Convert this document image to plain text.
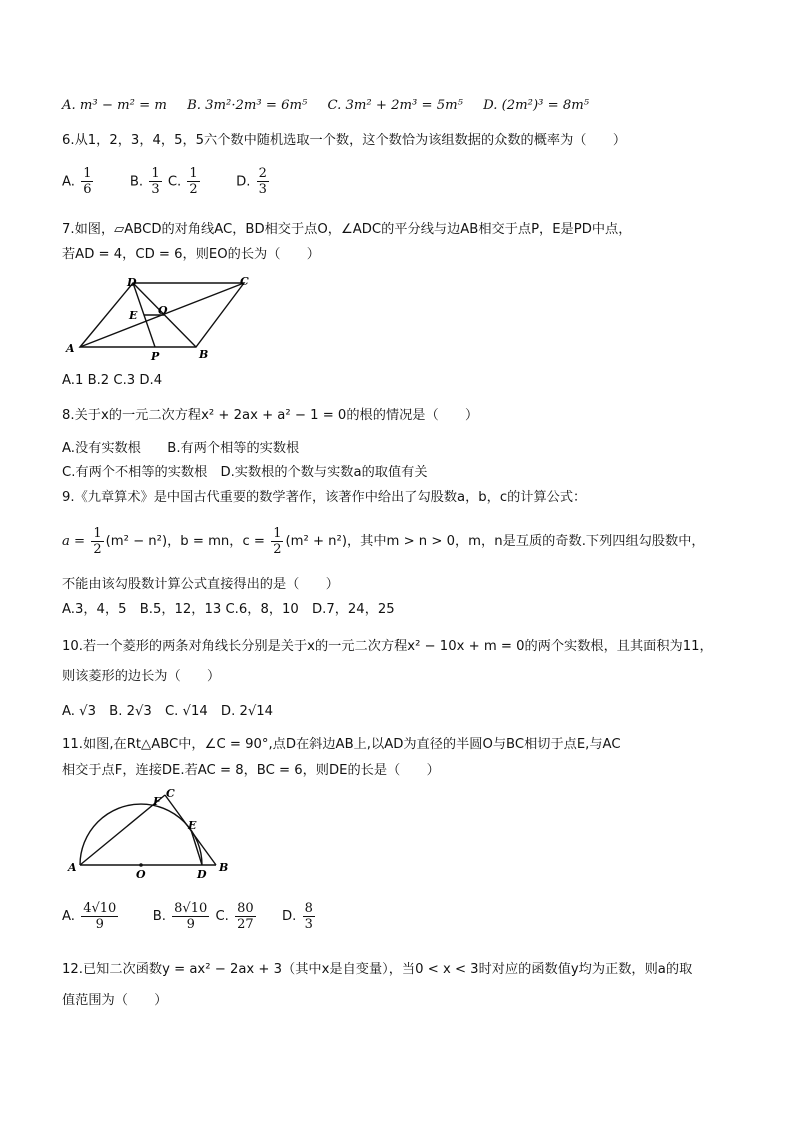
A. m³ − m² = m B. 3m²·2m³ = 6m⁵ C. 3m² + 2m³ = 5m⁵ D. (2m²)³ = 8m⁵
6.从1，2，3，4，5，5六个数中随机选取一个数，这个数恰为该组数据的众数的概率为（　　）
A. $\frac{1}{6}$	B. $\frac{1}{3} C$. $\frac{1}{2}$	D. $\frac{2}{3}$
7.如图，▱ABCD的对角线AC，BD相交于点O，∠ADC的平分线与边AB相交于点P，E是PD中点，
若AD = 4，CD = 6，则EO的长为（　　）
A	B
C
D
E O
P
A.1 B.2 C.3 D.4
8.关于x的一元二次方程x² + 2ax + a² − 1 = 0的根的情况是（　　）
A.没有实数根　　B.有两个相等的实数根
C.有两个不相等的实数根　D.实数根的个数与实数a的取值有关
9.《九章算术》是中国古代重要的数学著作，该著作中给出了勾股数a，b，c的计算公式：
$a = \frac{1}{2} (m^2 - n^2)$，b = mn，$c = \frac{1}{2} (m^2 + n^2)$，其中m > n > 0，m，n是互质的奇数.下列四组勾股数中，
不能由该勾股数计算公式直接得出的是（　　）
A.3，4，5　B.5，12，13 C.6，8，10　D.7，24，25
10.若一个菱形的两条对角线长分别是关于x的一元二次方程x² − 10x + m = 0的两个实数根，且其面积为11，
则该菱形的边长为（　　）
A. √3　B. 2√3　C. √14　D. 2√14
11.如图,在Rt△ABC中，∠C = 90°,点D在斜边AB上,以AD为直径的半圆O与BC相切于点E,与AC
相交于点F，连接DE.若AC = 8，BC = 6，则DE的长是（　　）
A	B
C
D
E
F
O
A. $\frac{4√10}{9}$	B. $\frac{8√10}{9} C$. $\frac{80}{27} D$. $\frac{8}{3}$
12.已知二次函数y = ax² − 2ax + 3（其中x是自变量），当0 < x < 3时对应的函数值y均为正数，则a的取
值范围为（　　）
